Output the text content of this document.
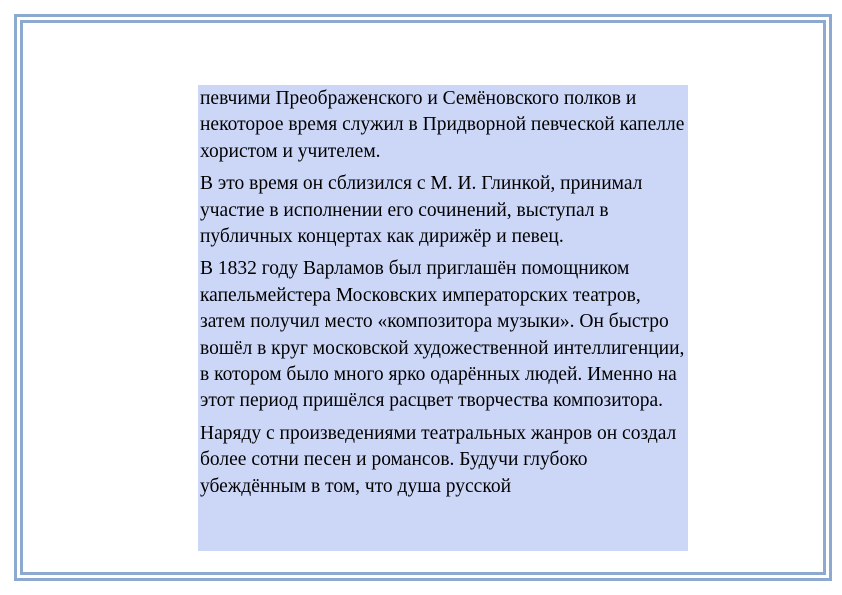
певчими Преображенского и Семёновского полков и некоторое время служил в Придворной певческой капелле хористом и учителем.

В это время он сблизился с М. И. Глинкой, принимал участие в исполнении его сочинений, выступал в публичных концертах как дирижёр и певец.

В 1832 году Варламов был приглашён помощником капельмейстера Московских императорских театров, затем получил место «композитора музыки». Он быстро вошёл в круг московской художественной интеллигенции, в котором было много ярко одарённых людей. Именно на этот период пришёлся расцвет творчества композитора.

Наряду с произведениями театральных жанров он создал более сотни песен и романсов. Будучи глубоко убеждённым в том, что душа русской
